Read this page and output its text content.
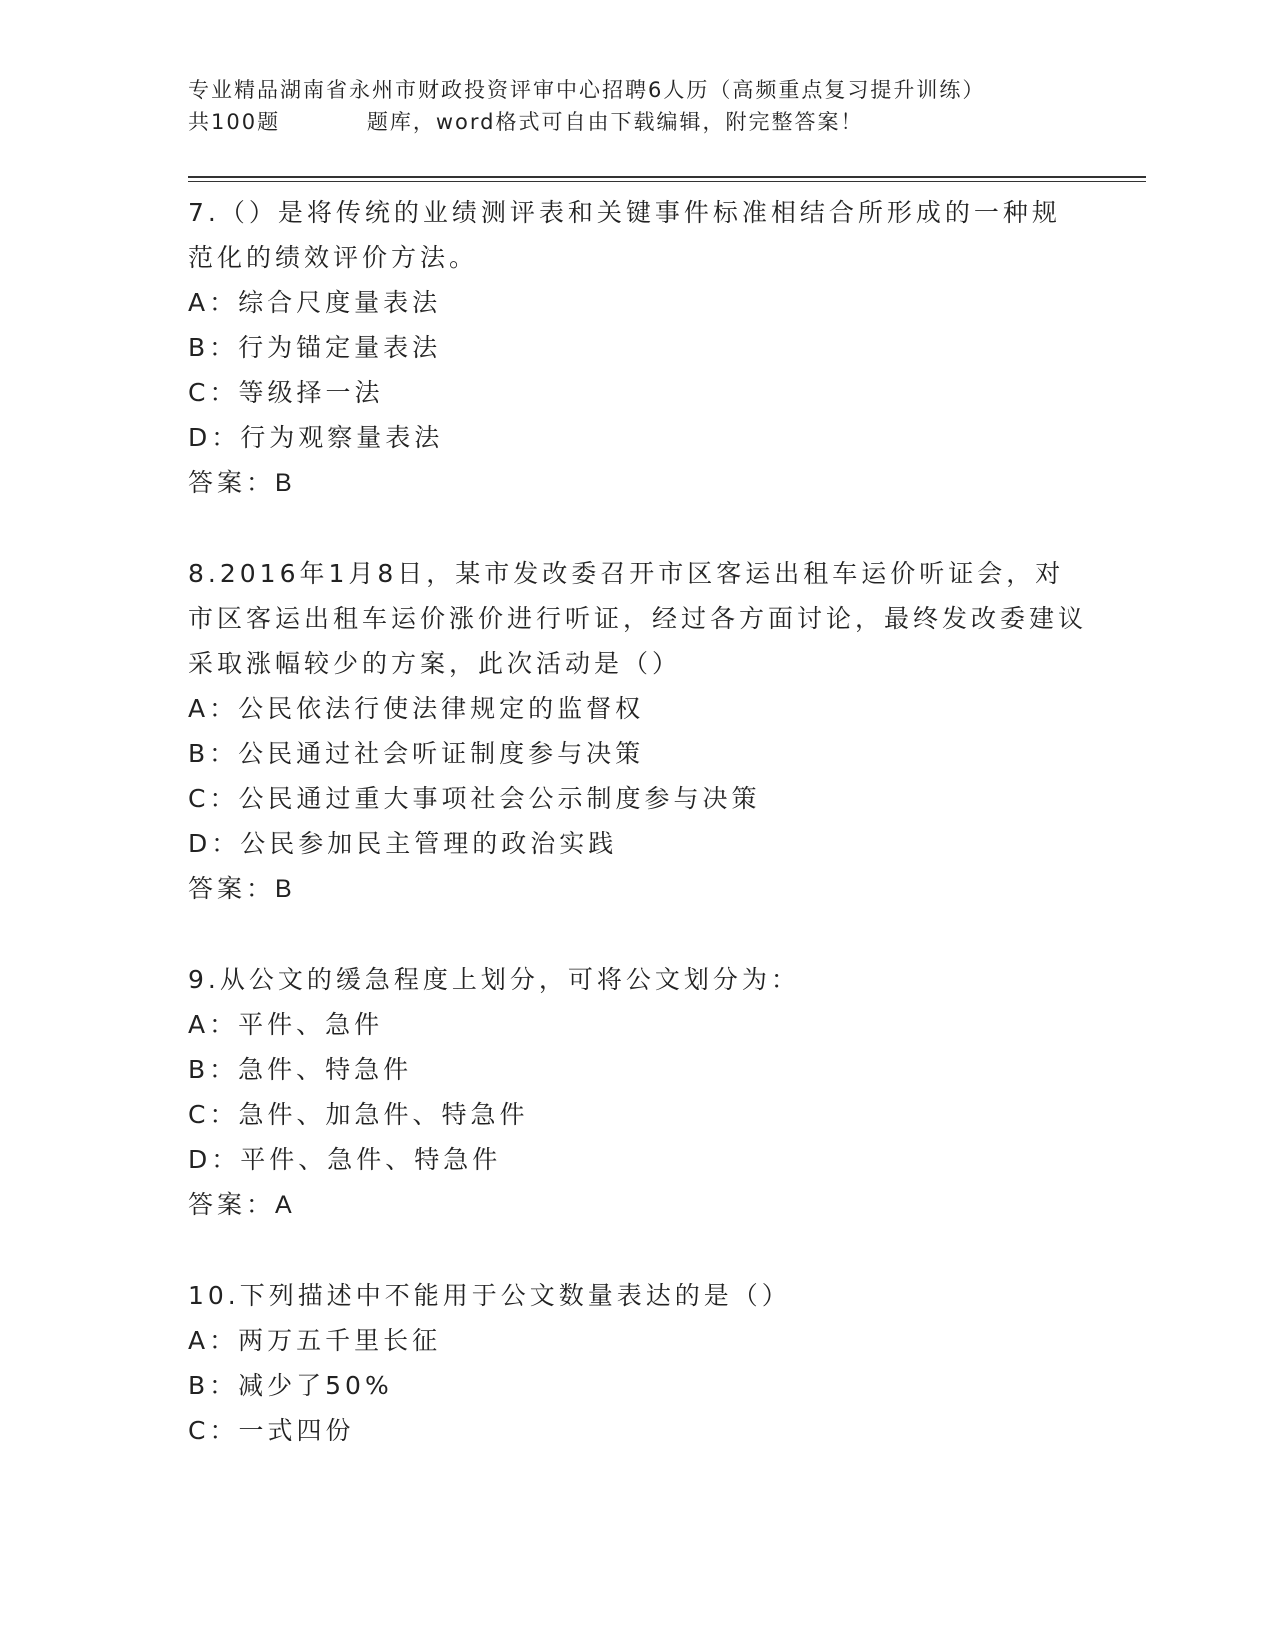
专业精品湖南省永州市财政投资评审中心招聘6人历（高频重点复习提升训练）
共100题	题库，word格式可自由下载编辑，附完整答案！

7.（）是将传统的业绩测评表和关键事件标准相结合所形成的一种规范化的绩效评价方法。

A：综合尺度量表法

B：行为锚定量表法

C：等级择一法

D：行为观察量表法

答案：B

8.2016年1月8日，某市发改委召开市区客运出租车运价听证会，对市区客运出租车运价涨价进行听证，经过各方面讨论，最终发改委建议采取涨幅较少的方案，此次活动是（）

A：公民依法行使法律规定的监督权

B：公民通过社会听证制度参与决策

C：公民通过重大事项社会公示制度参与决策

D：公民参加民主管理的政治实践

答案：B

9.从公文的缓急程度上划分，可将公文划分为：

A：平件、急件

B：急件、特急件

C：急件、加急件、特急件

D：平件、急件、特急件

答案：A

10.下列描述中不能用于公文数量表达的是（）

A：两万五千里长征

B：减少了50%

C：一式四份
